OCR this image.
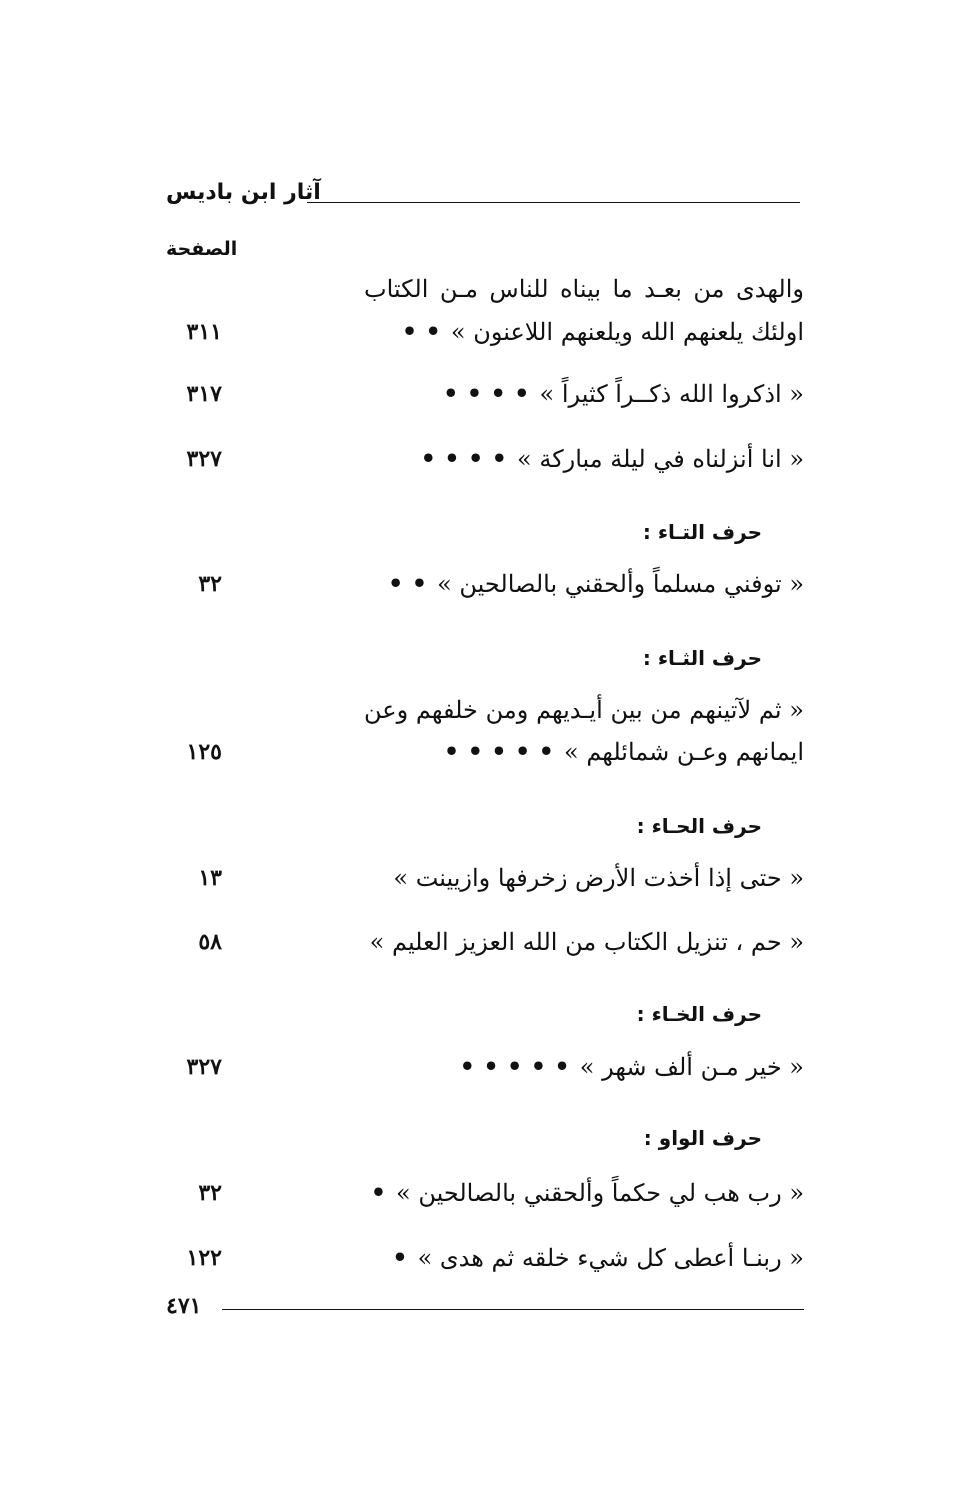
آثار ابن باديس
الصفحة
والهدى من بعـد ما بيناه للناس مـن الكتاب
اولئك يلعنهم الله ويلعنهم اللاعنون »• •
٣١١
« اذكروا الله ذكــراً كثيراً »• • • •
٣١٧
« انا أنزلناه في ليلة مباركة »• • • •
٣٢٧
حرف التـاء :
« توفني مسلماً وألحقني بالصالحين »• •
٣٢
حرف الثـاء :
« ثم لآتينهم من بين أيـديهم ومن خلفهم وعن
ايمانهم وعـن شمائلهم »• • • • •
١٢٥
حرف الحـاء :
« حتى إذا أخذت الأرض زخرفها وازيينت »
١٣
« حم ، تنزيل الكتاب من الله العزيز العليم »
٥٨
حرف الخـاء :
« خير مـن ألف شهر »• • • • •
٣٢٧
حرف الواو :
« رب هب لي حكماً وألحقني بالصالحين »•
٣٢
« ربنـا أعطى كل شيء خلقه ثم هدى »•
١٢٢
٤٧١
